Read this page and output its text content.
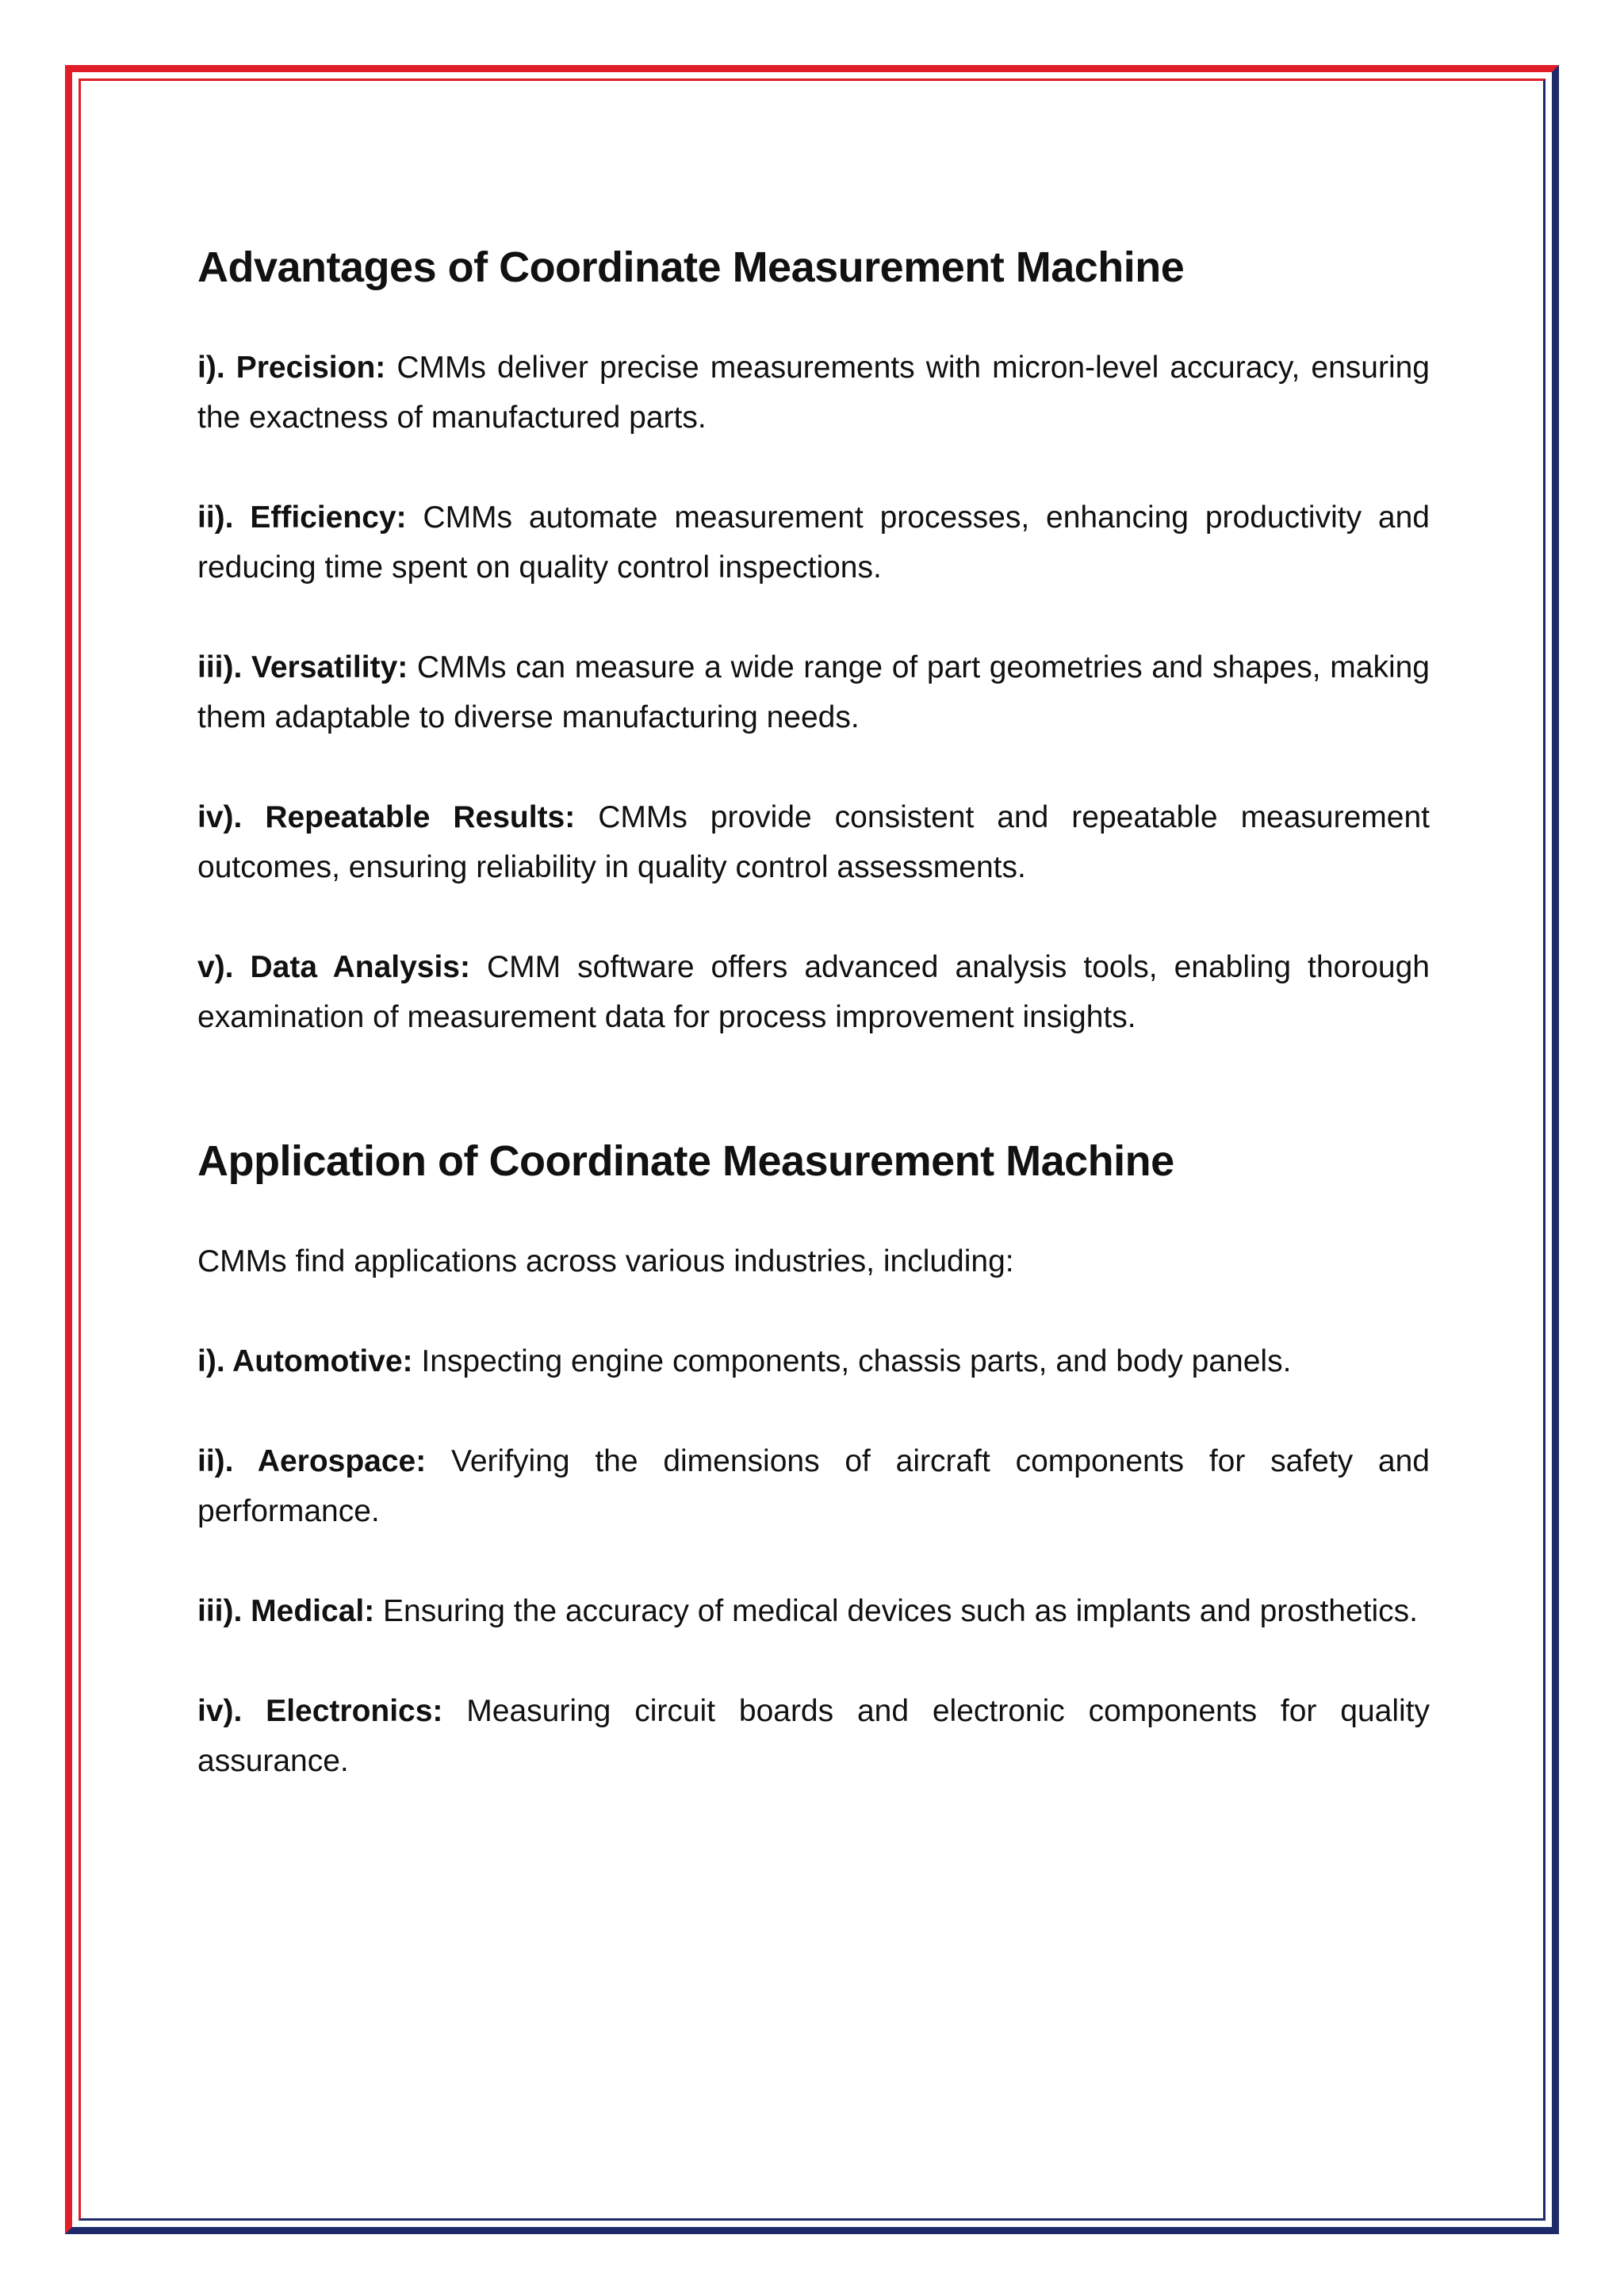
Advantages of Coordinate Measurement Machine

i). Precision: CMMs deliver precise measurements with micron-level accuracy, ensuring the exactness of manufactured parts.

ii). Efficiency: CMMs automate measurement processes, enhancing productivity and reducing time spent on quality control inspections.

iii). Versatility: CMMs can measure a wide range of part geometries and shapes, making them adaptable to diverse manufacturing needs.

iv). Repeatable Results: CMMs provide consistent and repeatable measurement outcomes, ensuring reliability in quality control assessments.

v). Data Analysis: CMM software offers advanced analysis tools, enabling thorough examination of measurement data for process improvement insights.

Application of Coordinate Measurement Machine

CMMs find applications across various industries, including:

i). Automotive: Inspecting engine components, chassis parts, and body panels.

ii). Aerospace: Verifying the dimensions of aircraft components for safety and performance.

iii). Medical: Ensuring the accuracy of medical devices such as implants and prosthetics.

iv). Electronics: Measuring circuit boards and electronic components for quality assurance.
